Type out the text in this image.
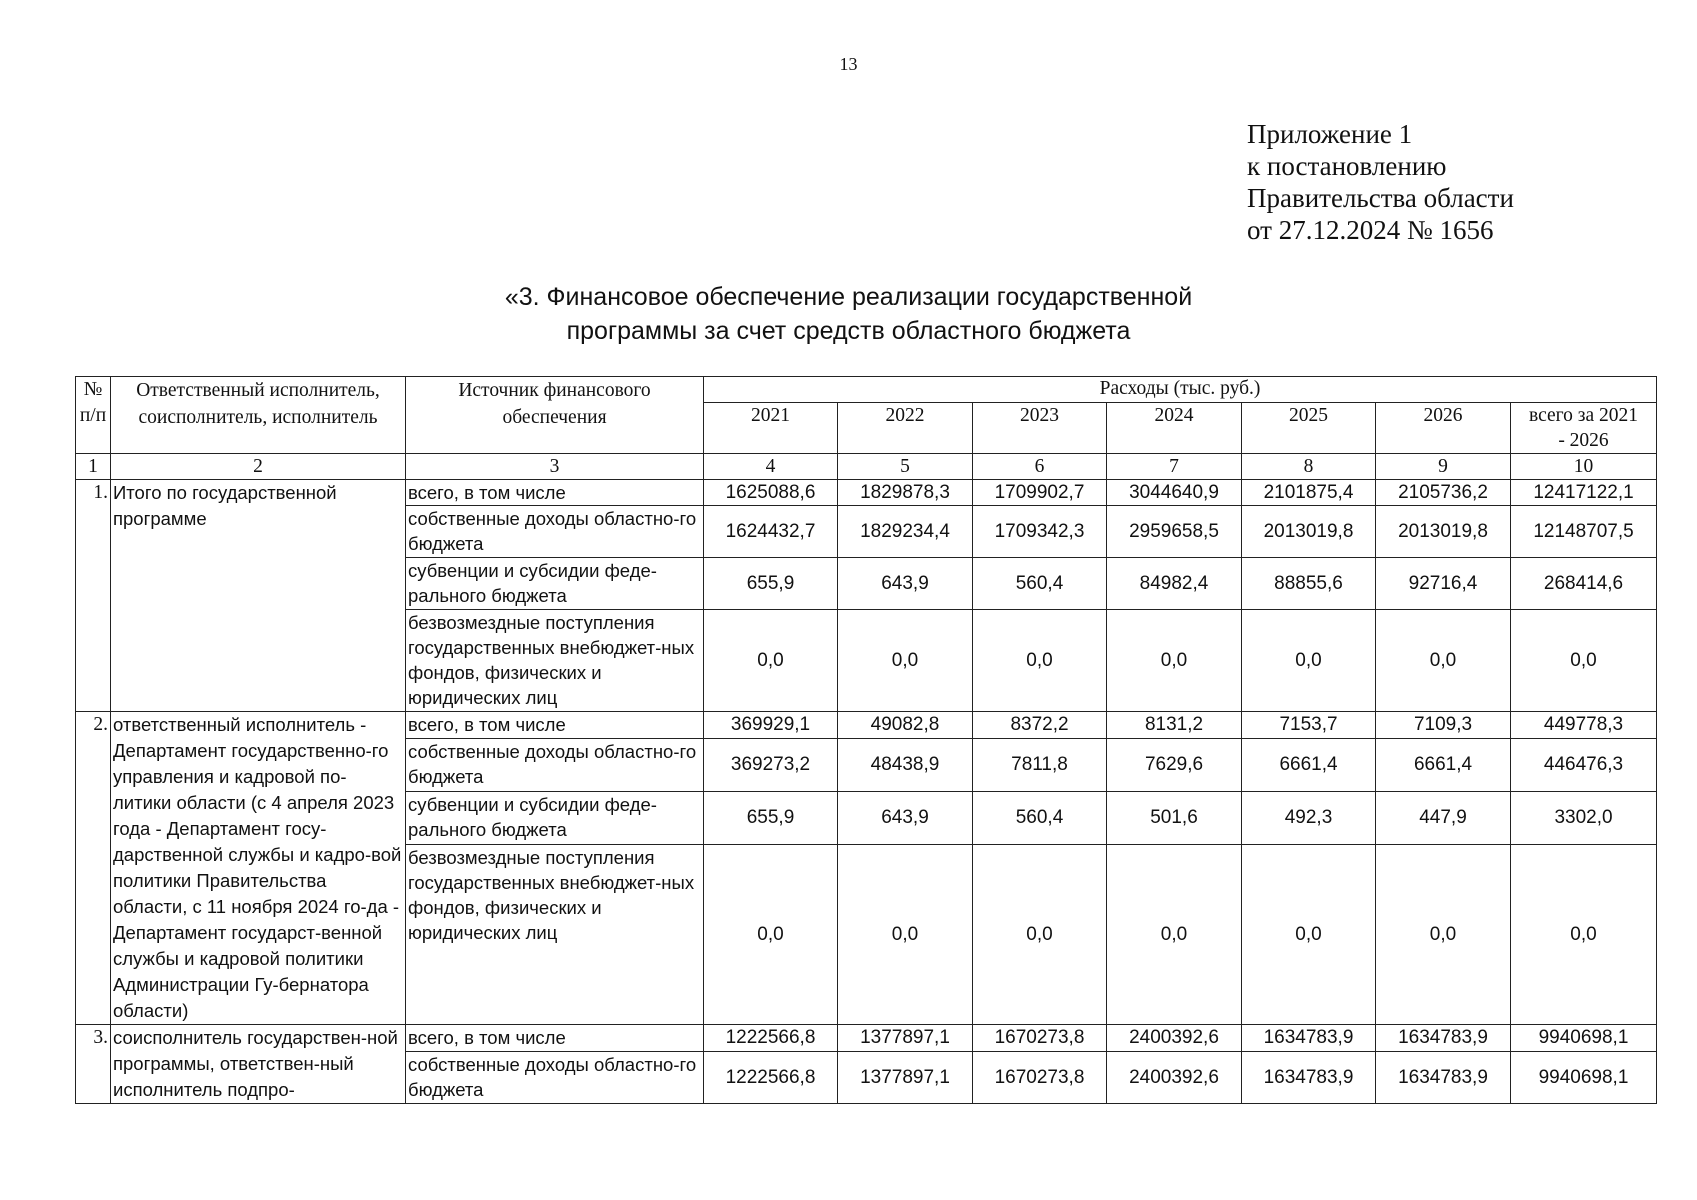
13
Приложение 1
к постановлению
Правительства области
от 27.12.2024 № 1656
«3. Финансовое обеспечение реализации государственной
программы за счет средств областного бюджета
№ п/п	Ответственный исполнитель, соисполнитель, исполнитель	Источник финансового обеспечения	Расходы (тыс. руб.)						
			2021	2022	2023	2024	2025	2026	всего за 2021 - 2026
1	2	3	4	5	6	7	8	9	10
1.	Итого по государственной программе	всего, в том числе	1625088,6	1829878,3	1709902,7	3044640,9	2101875,4	2105736,2	12417122,1
		собственные доходы областно-го бюджета	1624432,7	1829234,4	1709342,3	2959658,5	2013019,8	2013019,8	12148707,5
		субвенции и субсидии феде-рального бюджета	655,9	643,9	560,4	84982,4	88855,6	92716,4	268414,6
		безвозмездные поступления государственных внебюджет-ных фондов, физических и юридических лиц	0,0	0,0	0,0	0,0	0,0	0,0	0,0
2.	ответственный исполнитель - Департамент государственно-го управления и кадровой по-литики области (с 4 апреля 2023 года - Департамент госу-дарственной службы и кадро-вой политики Правительства области, с 11 ноября 2024 го-да - Департамент государст-венной службы и кадровой политики Администрации Гу-бернатора области)	всего, в том числе	369929,1	49082,8	8372,2	8131,2	7153,7	7109,3	449778,3
		собственные доходы областно-го бюджета	369273,2	48438,9	7811,8	7629,6	6661,4	6661,4	446476,3
		субвенции и субсидии феде-рального бюджета	655,9	643,9	560,4	501,6	492,3	447,9	3302,0
		безвозмездные поступления государственных внебюджет-ных фондов, физических и юридических лиц	0,0	0,0	0,0	0,0	0,0	0,0	0,0
3.	соисполнитель государствен-ной программы, ответствен-ный исполнитель подпро-	всего, в том числе	1222566,8	1377897,1	1670273,8	2400392,6	1634783,9	1634783,9	9940698,1
		собственные доходы областно-го бюджета	1222566,8	1377897,1	1670273,8	2400392,6	1634783,9	1634783,9	9940698,1
